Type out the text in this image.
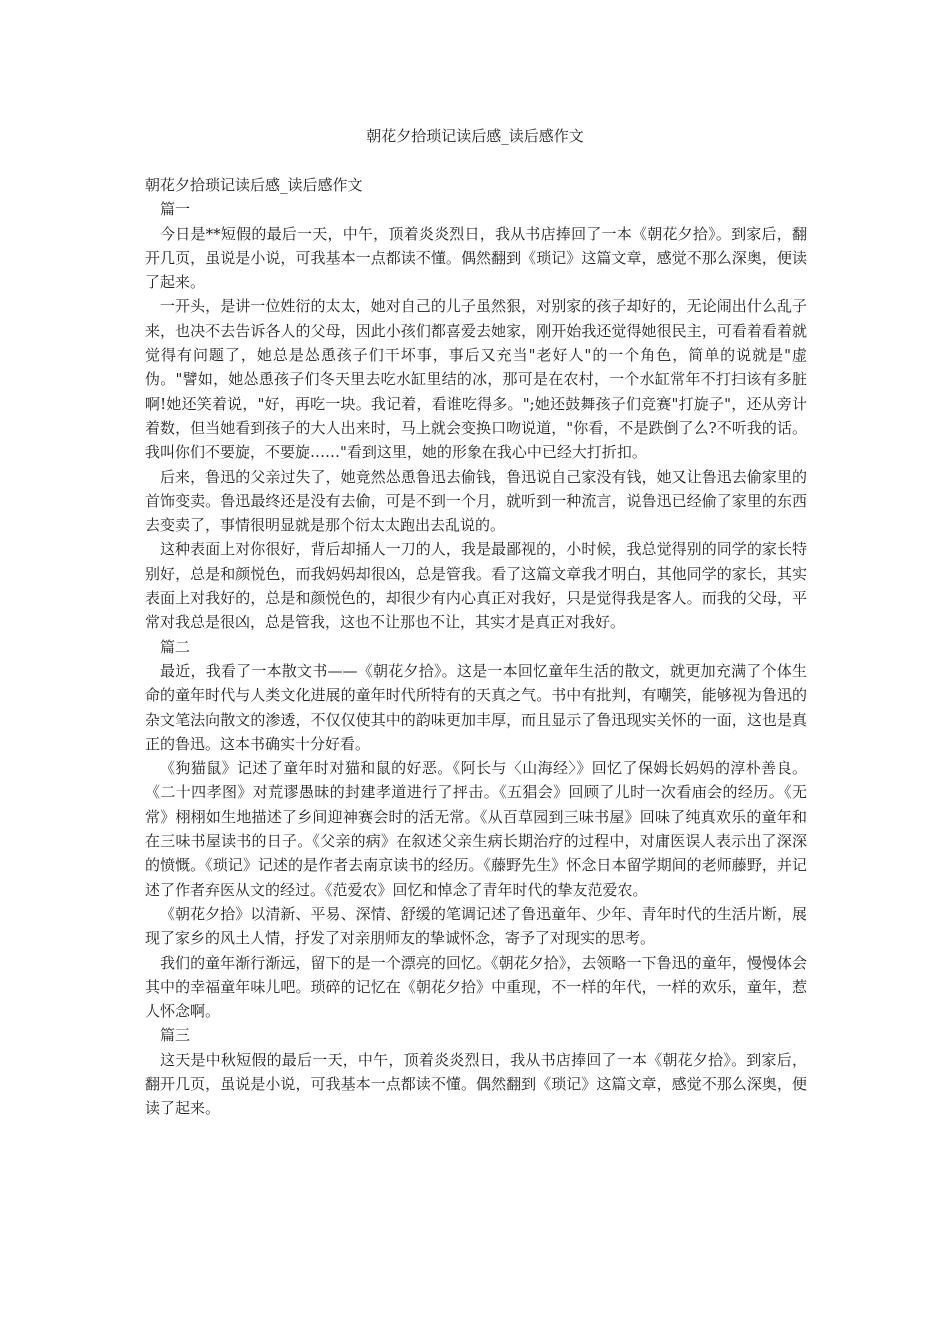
朝花夕拾琐记读后感_读后感作文

朝花夕拾琐记读后感_读后感作文

篇一

今日是**短假的最后一天，中午，顶着炎炎烈日，我从书店捧回了一本《朝花夕拾》。到家后，翻开几页，虽说是小说，可我基本一点都读不懂。偶然翻到《琐记》这篇文章，感觉不那么深奥，便读了起来。

一开头，是讲一位姓衍的太太，她对自己的儿子虽然狠，对别家的孩子却好的，无论闹出什么乱子来，也决不去告诉各人的父母，因此小孩们都喜爱去她家，刚开始我还觉得她很民主，可看着看着就觉得有问题了，她总是怂恿孩子们干坏事，事后又充当"老好人"的一个角色，简单的说就是"虚伪。"譬如，她怂恿孩子们冬天里去吃水缸里结的冰，那可是在农村，一个水缸常年不打扫该有多脏啊!她还笑着说，"好，再吃一块。我记着，看谁吃得多。";她还鼓舞孩子们竞赛"打旋子"，还从旁计着数，但当她看到孩子的大人出来时，马上就会变换口吻说道，"你看，不是跌倒了么?不听我的话。我叫你们不要旋，不要旋……"看到这里，她的形象在我心中已经大打折扣。

后来，鲁迅的父亲过失了，她竟然怂恿鲁迅去偷钱，鲁迅说自己家没有钱，她又让鲁迅去偷家里的首饰变卖。鲁迅最终还是没有去偷，可是不到一个月，就听到一种流言，说鲁迅已经偷了家里的东西去变卖了，事情很明显就是那个衍太太跑出去乱说的。

这种表面上对你很好，背后却捅人一刀的人，我是最鄙视的，小时候，我总觉得别的同学的家长特别好，总是和颜悦色，而我妈妈却很凶，总是管我。看了这篇文章我才明白，其他同学的家长，其实表面上对我好的，总是和颜悦色的，却很少有内心真正对我好，只是觉得我是客人。而我的父母，平常对我总是很凶，总是管我，这也不让那也不让，其实才是真正对我好。

篇二

最近，我看了一本散文书——《朝花夕拾》。这是一本回忆童年生活的散文，就更加充满了个体生命的童年时代与人类文化进展的童年时代所特有的天真之气。书中有批判，有嘲笑，能够视为鲁迅的杂文笔法向散文的渗透，不仅仅使其中的韵味更加丰厚，而且显示了鲁迅现实关怀的一面，这也是真正的鲁迅。这本书确实十分好看。

《狗猫鼠》记述了童年时对猫和鼠的好恶。《阿长与〈山海经〉》回忆了保姆长妈妈的淳朴善良。《二十四孝图》对荒谬愚昧的封建孝道进行了抨击。《五猖会》回顾了儿时一次看庙会的经历。《无常》栩栩如生地描述了乡间迎神赛会时的活无常。《从百草园到三味书屋》回味了纯真欢乐的童年和在三味书屋读书的日子。《父亲的病》在叙述父亲生病长期治疗的过程中，对庸医误人表示出了深深的愤慨。《琐记》记述的是作者去南京读书的经历。《藤野先生》怀念日本留学期间的老师藤野，并记述了作者弃医从文的经过。《范爱农》回忆和悼念了青年时代的挚友范爱农。

《朝花夕拾》以清新、平易、深情、舒缓的笔调记述了鲁迅童年、少年、青年时代的生活片断，展现了家乡的风土人情，抒发了对亲朋师友的挚诚怀念，寄予了对现实的思考。

我们的童年渐行渐远，留下的是一个漂亮的回忆。《朝花夕拾》，去领略一下鲁迅的童年，慢慢体会其中的幸福童年味儿吧。琐碎的记忆在《朝花夕拾》中重现，不一样的年代，一样的欢乐，童年，惹人怀念啊。

篇三

这天是中秋短假的最后一天，中午，顶着炎炎烈日，我从书店捧回了一本《朝花夕拾》。到家后，翻开几页，虽说是小说，可我基本一点都读不懂。偶然翻到《琐记》这篇文章，感觉不那么深奥，便读了起来。
